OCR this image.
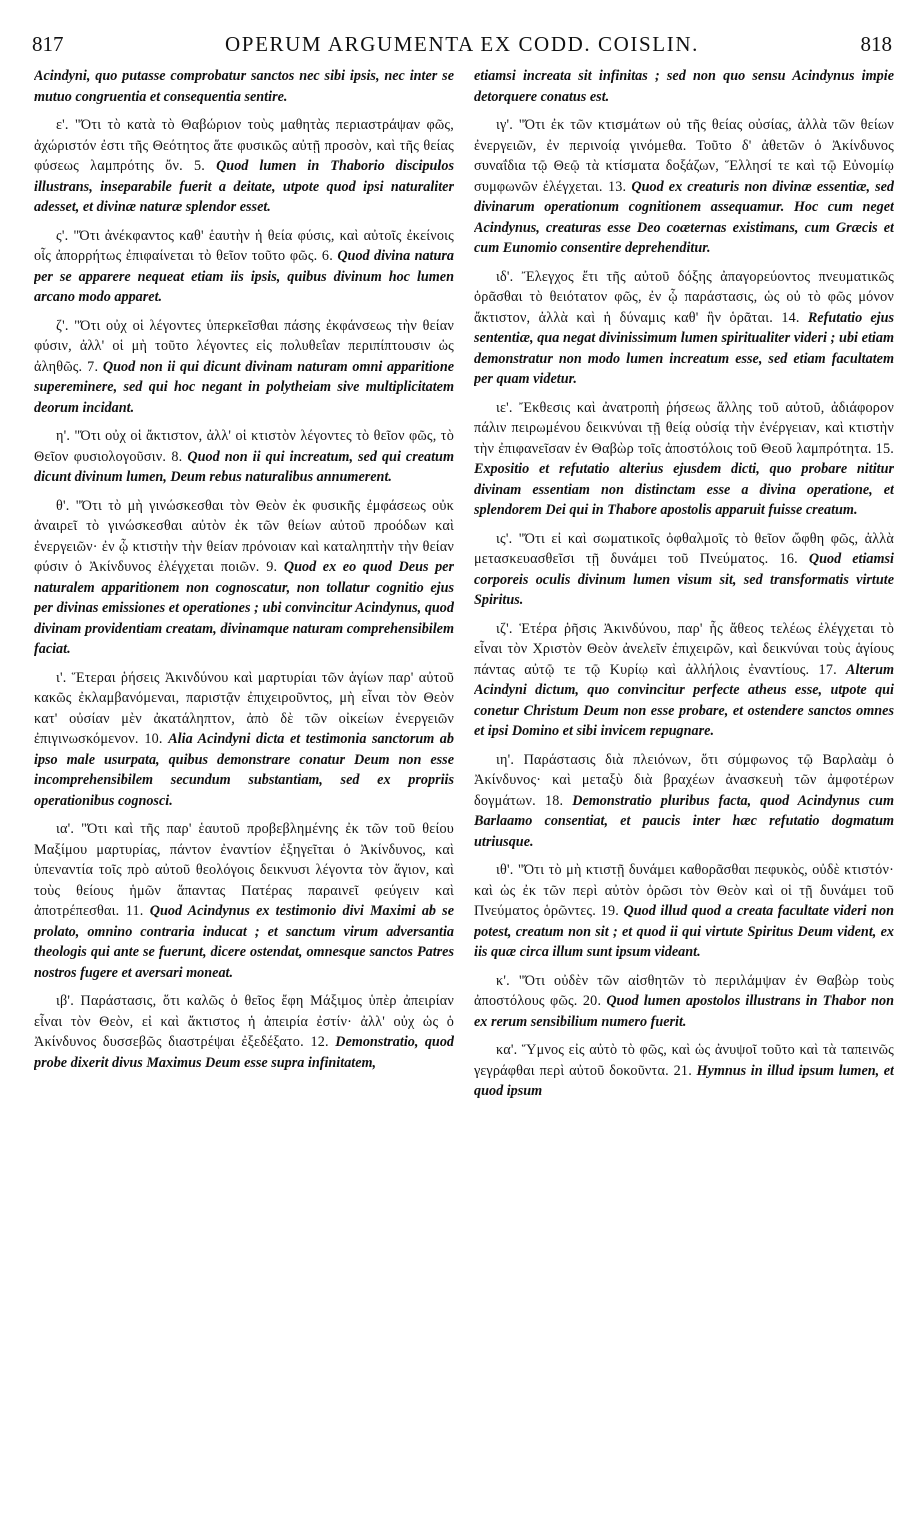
817	OPERUM ARGUMENTA EX CODD. COISLIN.	818

Acindyni, quo putasse comprobatur sanctos nec sibi ipsis, nec inter se mutuo congruentia et consequentia sentire.

ε'. "Ότι τὸ κατὰ τὸ Θαβώριον τοὺς μαθητὰς περιαστράψαν φῶς, ἀχώριστόν ἐστι τῆς Θεότητος ἅτε φυσικῶς αὐτῇ προσὸν, καὶ τῆς θείας φύσεως λαμπρότης ὄν. 5. Quod lumen in Thaborio discipulos illustrans, inseparabile fuerit a deitate, utpote quod ipsi naturaliter adesset, et divinæ naturæ splendor esset.

ς'. "Ότι ἀνέκφαντος καθ' ἑαυτὴν ἡ θεία φύσις, καὶ αὐτοῖς ἐκείνοις οἷς ἀπορρήτως ἐπιφαίνεται τὸ θεῖον τοῦτο φῶς. 6. Quod divina natura per se apparere nequeat etiam iis ipsis, quibus divinum hoc lumen arcano modo apparet.

ζ'. "Ότι οὐχ οἱ λέγοντες ὑπερκεῖσθαι πάσης ἐκφάνσεως τὴν θείαν φύσιν, ἀλλ' οἱ μὴ τοῦτο λέγοντες εἰς πολυθεΐαν περιπίπτουσιν ὡς ἀληθῶς. 7. Quod non ii qui dicunt divinam naturam omni apparitione supereminere, sed qui hoc negant in polytheiam sive multiplicitatem deorum incidant.

η'. "Ότι οὐχ οἱ ἄκτιστον, ἀλλ' οἱ κτιστὸν λέγοντες τὸ θεῖον φῶς, τὸ Θεῖον φυσιολογοῦσιν. 8. Quod non ii qui increatum, sed qui creatum dicunt divinum lumen, Deum rebus naturalibus annumerent.

θ'. "Ότι τὸ μὴ γινώσκεσθαι τὸν Θεὸν ἐκ φυσικῆς ἐμφάσεως οὐκ ἀναιρεῖ τὸ γινώσκεσθαι αὐτὸν ἐκ τῶν θείων αὐτοῦ προόδων καὶ ἐνεργειῶν· ἐν ᾧ κτιστὴν τὴν θείαν πρόνοιαν καὶ καταληπτὴν τὴν θείαν φύσιν ὁ Ἀκίνδυνος ἐλέγχεται ποιῶν. 9. Quod ex eo quod Deus per naturalem apparitionem non cognoscatur, non tollatur cognitio ejus per divinas emissiones et operationes ; ubi convincitur Acindynus, quod divinam providentiam creatam, divinamque naturam comprehensibilem faciat.

ι'. Ἕτεραι ῥήσεις Ἀκινδύνου καὶ μαρτυρίαι τῶν ἁγίων παρ' αὐτοῦ κακῶς ἐκλαμβανόμεναι, παριστᾷν ἐπιχειροῦντος, μὴ εἶναι τὸν Θεὸν κατ' οὐσίαν μὲν ἀκατάληπτον, ἀπὸ δὲ τῶν οἰκείων ἐνεργειῶν ἐπιγινωσκόμενον. 10. Alia Acindyni dicta et testimonia sanctorum ab ipso male usurpata, quibus demonstrare conatur Deum non esse incomprehensibilem secundum substantiam, sed ex propriis operationibus cognosci.

ια'. "Ότι καὶ τῆς παρ' ἑαυτοῦ προβεβλημένης ἐκ τῶν τοῦ θείου Μαξίμου μαρτυρίας, πάντον ἐναντίον ἐξηγεῖται ὁ Ἀκίνδυνος, καὶ ὑπεναντία τοῖς πρὸ αὐτοῦ θεολόγοις δεικνυσι λέγοντα τὸν ἅγιον, καὶ τοὺς θείους ἡμῶν ἅπαντας Πατέρας παραινεῖ φεύγειν καὶ ἀποτρέπεσθαι. 11. Quod Acindynus ex testimonio divi Maximi ab se prolato, omnino contraria inducat ; et sanctum virum adversantia theologis qui ante se fuerunt, dicere ostendat, omnesque sanctos Patres nostros fugere et aversari moneat.

ιβ'. Παράστασις, ὅτι καλῶς ὁ θεῖος ἔφη Μάξιμος ὑπὲρ ἀπειρίαν εἶναι τὸν Θεὸν, εἰ καὶ ἄκτιστος ἡ ἀπειρία ἐστίν· ἀλλ' οὐχ ὡς ὁ Ἀκίνδυνος δυσσεβῶς διαστρέψαι ἐξεδέξατο. 12. Demonstratio, quod probe dixerit divus Maximus Deum esse supra infinitatem,

etiamsi increata sit infinitas ; sed non quo sensu Acindynus impie detorquere conatus est.

ιγ'. "Ότι ἐκ τῶν κτισμάτων οὐ τῆς θείας οὐσίας, ἀλλὰ τῶν θείων ἐνεργειῶν, ἐν περινοίᾳ γινόμεθα. Τοῦτο δ' ἀθετῶν ὁ Ἀκίνδυνος συναΐδια τῷ Θεῷ τὰ κτίσματα δοξάζων, Ἕλλησί τε καὶ τῷ Εὐνομίῳ συμφωνῶν ἐλέγχεται. 13. Quod ex creaturis non divinæ essentiæ, sed divinarum operationum cognitionem assequamur. Hoc cum neget Acindynus, creaturas esse Deo coæternas existimans, cum Græcis et cum Eunomio consentire deprehenditur.

ιδ'. Ἔλεγχος ἔτι τῆς αὐτοῦ δόξης ἀπαγορεύοντος πνευματικῶς ὁρᾶσθαι τὸ θειότατον φῶς, ἐν ᾧ παράστασις, ὡς οὐ τὸ φῶς μόνον ἄκτιστον, ἀλλὰ καὶ ἡ δύναμις καθ' ἣν ὁρᾶται. 14. Refutatio ejus sententiæ, qua negat divinissimum lumen spiritualiter videri ; ubi etiam demonstratur non modo lumen increatum esse, sed etiam facultatem per quam videtur.

ιε'. Ἔκθεσις καὶ ἀνατροπὴ ῥήσεως ἄλλης τοῦ αὐτοῦ, ἀδιάφορον πάλιν πειρωμένου δεικνύναι τῇ θείᾳ οὐσίᾳ τὴν ἐνέργειαν, καὶ κτιστὴν τὴν ἐπιφανεῖσαν ἐν Θαβὼρ τοῖς ἀποστόλοις τοῦ Θεοῦ λαμπρότητα. 15. Expositio et refutatio alterius ejusdem dicti, quo probare nititur divinam essentiam non distinctam esse a divina operatione, et splendorem Dei qui in Thabore apostolis apparuit fuisse creatum.

ις'. "Ότι εἰ καὶ σωματικοῖς ὀφθαλμοῖς τὸ θεῖον ὤφθη φῶς, ἀλλὰ μετασκευασθεῖσι τῇ δυνάμει τοῦ Πνεύματος. 16. Quod etiamsi corporeis oculis divinum lumen visum sit, sed transformatis virtute Spiritus.

ιζ'. Ἑτέρα ῥῆσις Ἀκινδύνου, παρ' ἧς ἄθεος τελέως ἐλέγχεται τὸ εἶναι τὸν Χριστὸν Θεὸν ἀνελεῖν ἐπιχειρῶν, καὶ δεικνύναι τοὺς ἁγίους πάντας αὐτῷ τε τῷ Κυρίῳ καὶ ἀλλήλοις ἐναντίους. 17. Alterum Acindyni dictum, quo convincitur perfecte atheus esse, utpote qui conetur Christum Deum non esse probare, et ostendere sanctos omnes et ipsi Domino et sibi invicem repugnare.

ιη'. Παράστασις διὰ πλειόνων, ὅτι σύμφωνος τῷ Βαρλαὰμ ὁ Ἀκίνδυνος· καὶ μεταξὺ διὰ βραχέων ἀνασκευὴ τῶν ἀμφοτέρων δογμάτων. 18. Demonstratio pluribus facta, quod Acindynus cum Barlaamo consentiat, et paucis inter hæc refutatio dogmatum utriusque.

ιθ'. "Ότι τὸ μὴ κτιστῇ δυνάμει καθορᾶσθαι πεφυκὸς, οὐδὲ κτιστόν· καὶ ὡς ἐκ τῶν περὶ αὐτὸν ὁρῶσι τὸν Θεὸν καὶ οἱ τῇ δυνάμει τοῦ Πνεύματος ὁρῶντες. 19. Quod illud quod a creata facultate videri non potest, creatum non sit ; et quod ii qui virtute Spiritus Deum vident, ex iis quæ circa illum sunt ipsum videant.

κ'. "Ότι οὐδὲν τῶν αἰσθητῶν τὸ περιλάμψαν ἐν Θαβὼρ τοὺς ἀποστόλους φῶς. 20. Quod lumen apostolos illustrans in Thabor non ex rerum sensibilium numero fuerit.

κα'. Ὕμνος εἰς αὐτὸ τὸ φῶς, καὶ ὡς ἀνυψοῖ τοῦτο καὶ τὰ ταπεινῶς γεγράφθαι περὶ αὐτοῦ δοκοῦντα. 21. Hymnus in illud ipsum lumen, et quod ipsum
